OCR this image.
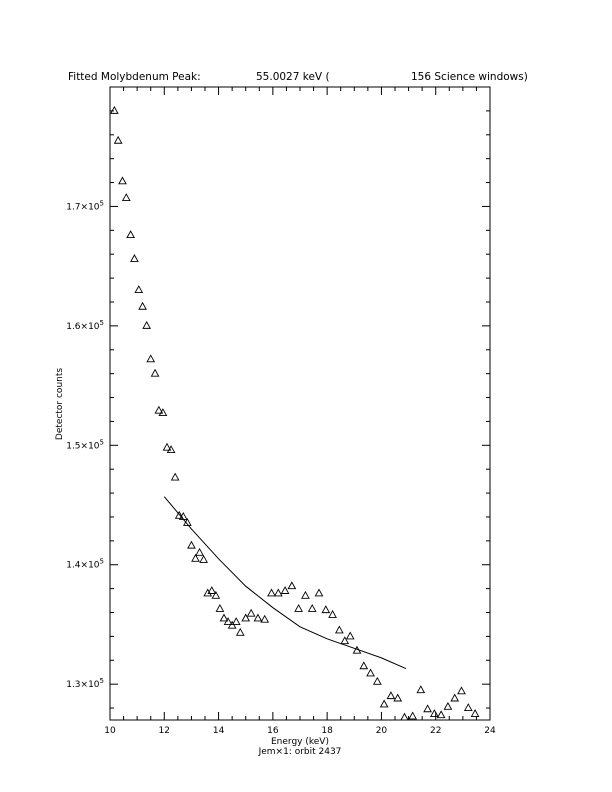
Fitted Molybdenum Peak:	55.0027 keV (	156 Science windows)
10	12	14	16	18	20	22	24
$1.3\times 10^5$
$1.4\times 10^5$
$1.5\times 10^5$
$1.6\times 10^5$
$1.7\times 10^5$
Energy (keV)
Jem×1: orbit 2437
Detector counts
